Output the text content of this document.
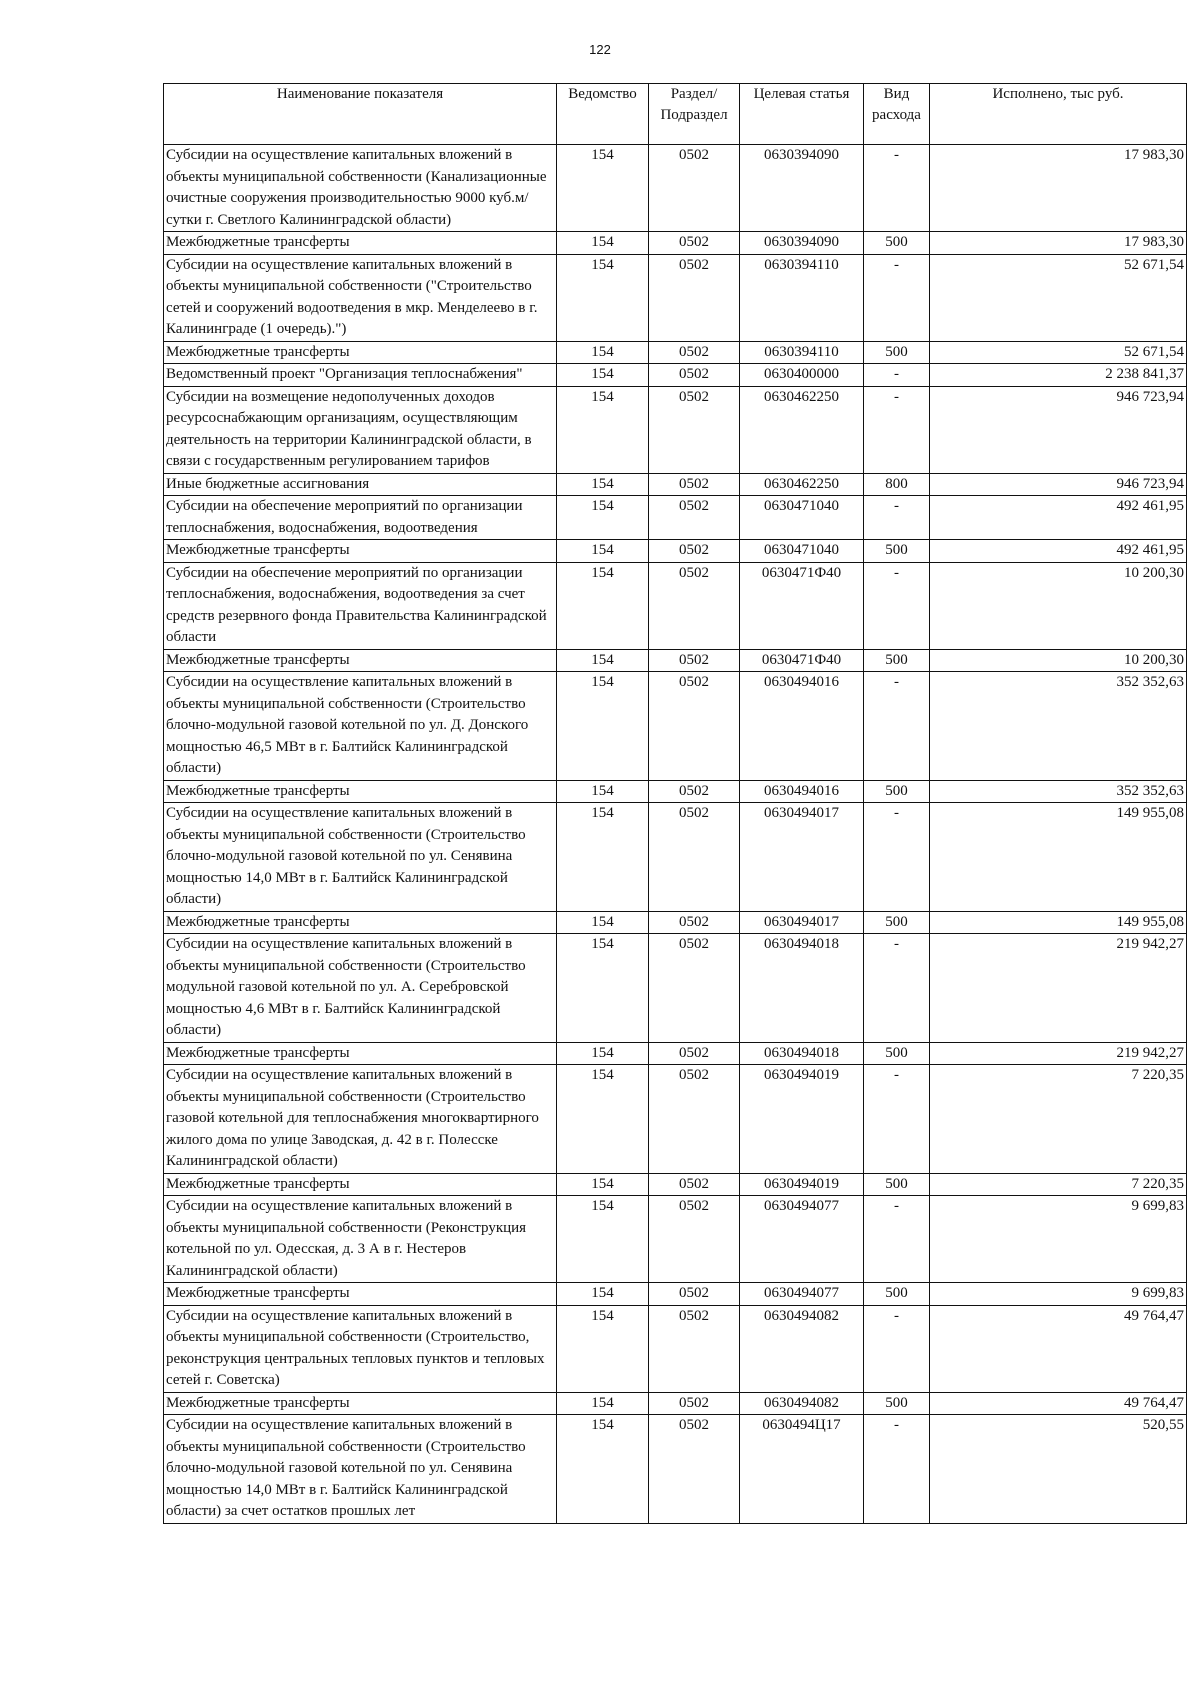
122
Наименование показателя	Ведомство	Раздел/ Подраздел	Целевая статья	Вид расхода	Исполнено, тыс руб.
Субсидии на осуществление капитальных вложений в объекты муниципальной собственности (Канализационные очистные сооружения производительностью 9000 куб.м/сутки г. Светлого Калининградской области)	154	0502	0630394090	-	17 983,30
Межбюджетные трансферты	154	0502	0630394090	500	17 983,30
Субсидии на осуществление капитальных вложений в объекты муниципальной собственности ("Строительство сетей и сооружений водоотведения в мкр. Менделеево в г. Калининграде (1 очередь).")	154	0502	0630394110	-	52 671,54
Межбюджетные трансферты	154	0502	0630394110	500	52 671,54
Ведомственный проект "Организация теплоснабжения"	154	0502	0630400000	-	2 238 841,37
Субсидии на возмещение недополученных доходов ресурсоснабжающим организациям, осуществляющим деятельность на территории Калининградской области, в связи с государственным регулированием тарифов	154	0502	0630462250	-	946 723,94
Иные бюджетные ассигнования	154	0502	0630462250	800	946 723,94
Субсидии на обеспечение мероприятий по организации теплоснабжения, водоснабжения, водоотведения	154	0502	0630471040	-	492 461,95
Межбюджетные трансферты	154	0502	0630471040	500	492 461,95
Субсидии на обеспечение мероприятий по организации теплоснабжения, водоснабжения, водоотведения за счет средств резервного фонда Правительства Калининградской области	154	0502	0630471Ф40	-	10 200,30
Межбюджетные трансферты	154	0502	0630471Ф40	500	10 200,30
Субсидии на осуществление капитальных вложений в объекты муниципальной собственности (Строительство блочно-модульной газовой котельной по ул. Д. Донского мощностью 46,5 МВт в г. Балтийск Калининградской области)	154	0502	0630494016	-	352 352,63
Межбюджетные трансферты	154	0502	0630494016	500	352 352,63
Субсидии на осуществление капитальных вложений в объекты муниципальной собственности (Строительство блочно-модульной газовой котельной по ул. Сенявина мощностью 14,0 МВт в г. Балтийск Калининградской области)	154	0502	0630494017	-	149 955,08
Межбюджетные трансферты	154	0502	0630494017	500	149 955,08
Субсидии на осуществление капитальных вложений в объекты муниципальной собственности (Строительство модульной газовой котельной по ул. А. Серебровской мощностью 4,6 МВт в г. Балтийск Калининградской области)	154	0502	0630494018	-	219 942,27
Межбюджетные трансферты	154	0502	0630494018	500	219 942,27
Субсидии на осуществление капитальных вложений в объекты муниципальной собственности (Строительство газовой котельной для теплоснабжения многоквартирного жилого дома по улице Заводская, д. 42 в г. Полесске Калининградской области)	154	0502	0630494019	-	7 220,35
Межбюджетные трансферты	154	0502	0630494019	500	7 220,35
Субсидии на осуществление капитальных вложений в объекты муниципальной собственности (Реконструкция котельной по ул. Одесская, д. 3 А в г. Нестеров Калининградской области)	154	0502	0630494077	-	9 699,83
Межбюджетные трансферты	154	0502	0630494077	500	9 699,83
Субсидии на осуществление капитальных вложений в объекты муниципальной собственности (Строительство, реконструкция центральных тепловых пунктов и тепловых сетей г. Советска)	154	0502	0630494082	-	49 764,47
Межбюджетные трансферты	154	0502	0630494082	500	49 764,47
Субсидии на осуществление капитальных вложений в объекты муниципальной собственности (Строительство блочно-модульной газовой котельной по ул. Сенявина мощностью 14,0 МВт в г. Балтийск Калининградской области) за счет остатков прошлых лет	154	0502	0630494Ц17	-	520,55
